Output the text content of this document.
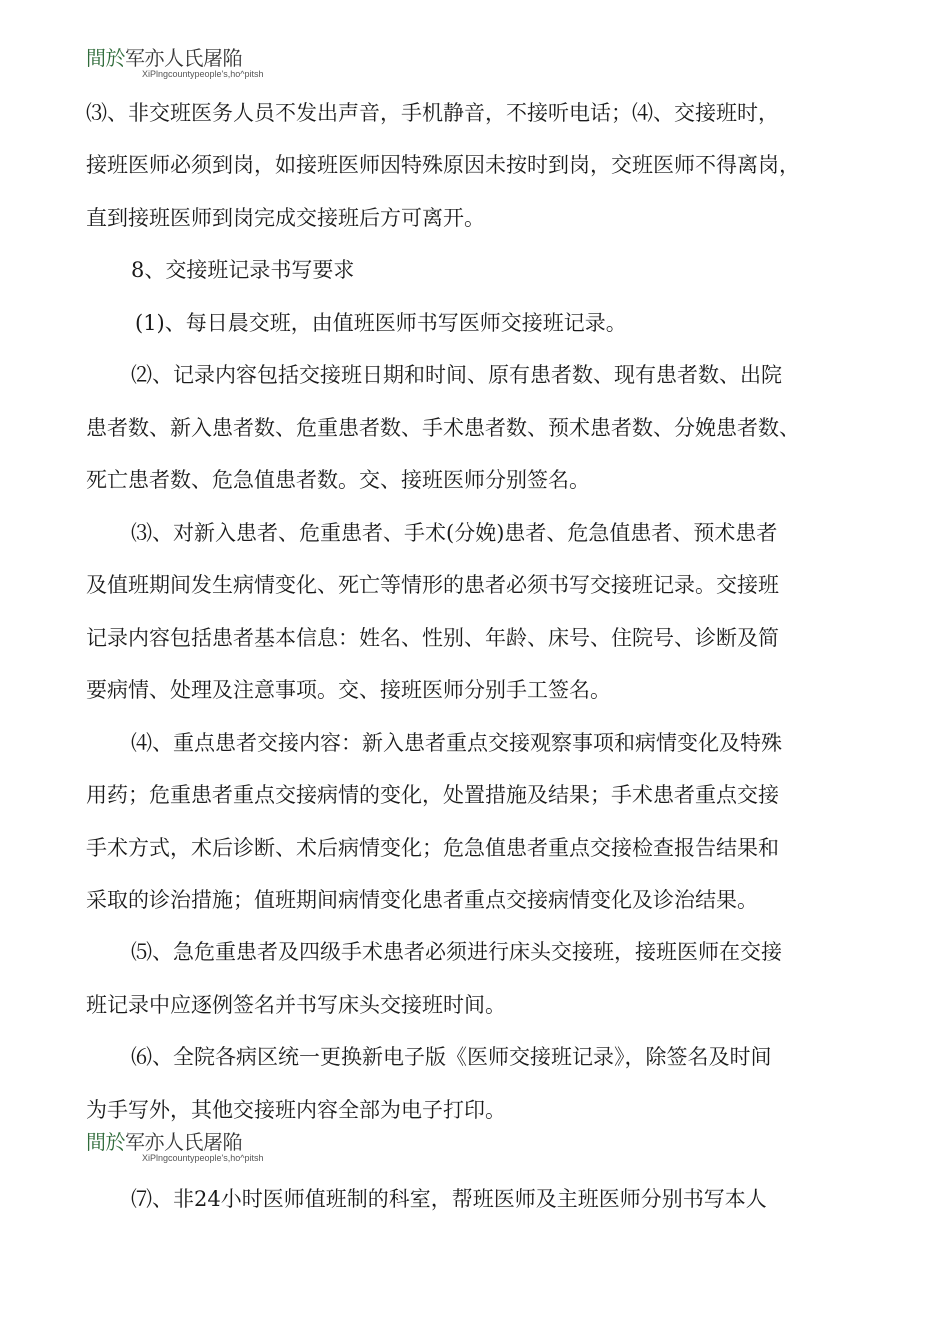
間於军亦人氏屠陥
XiPlngcountypeople's,ho^pitsh
⑶、非交班医务人员不发出声音，手机静音，不接听电话；⑷、交接班时，
接班医师必须到岗，如接班医师因特殊原因未按时到岗，交班医师不得离岗，
直到接班医师到岗完成交接班后方可离开。
8、交接班记录书写要求
(1)、每日晨交班，由值班医师书写医师交接班记录。
⑵、记录内容包括交接班日期和时间、原有患者数、现有患者数、出院
患者数、新入患者数、危重患者数、手术患者数、预术患者数、分娩患者数、
死亡患者数、危急值患者数。交、接班医师分别签名。
⑶、对新入患者、危重患者、手术(分娩)患者、危急值患者、预术患者
及值班期间发生病情变化、死亡等情形的患者必须书写交接班记录。交接班
记录内容包括患者基本信息：姓名、性别、年龄、床号、住院号、诊断及简
要病情、处理及注意事项。交、接班医师分别手工签名。
⑷、重点患者交接内容：新入患者重点交接观察事项和病情变化及特殊
用药；危重患者重点交接病情的变化，处置措施及结果；手术患者重点交接
手术方式，术后诊断、术后病情变化；危急值患者重点交接检查报告结果和
采取的诊治措施；值班期间病情变化患者重点交接病情变化及诊治结果。
⑸、急危重患者及四级手术患者必须进行床头交接班，接班医师在交接
班记录中应逐例签名并书写床头交接班时间。
⑹、全院各病区统一更换新电子版《医师交接班记录》，除签名及时间
为手写外，其他交接班内容全部为电子打印。
間於军亦人氏屠陥
XiPlngcountypeople's,ho^pitsh
⑺、非24小时医师值班制的科室，帮班医师及主班医师分别书写本人
